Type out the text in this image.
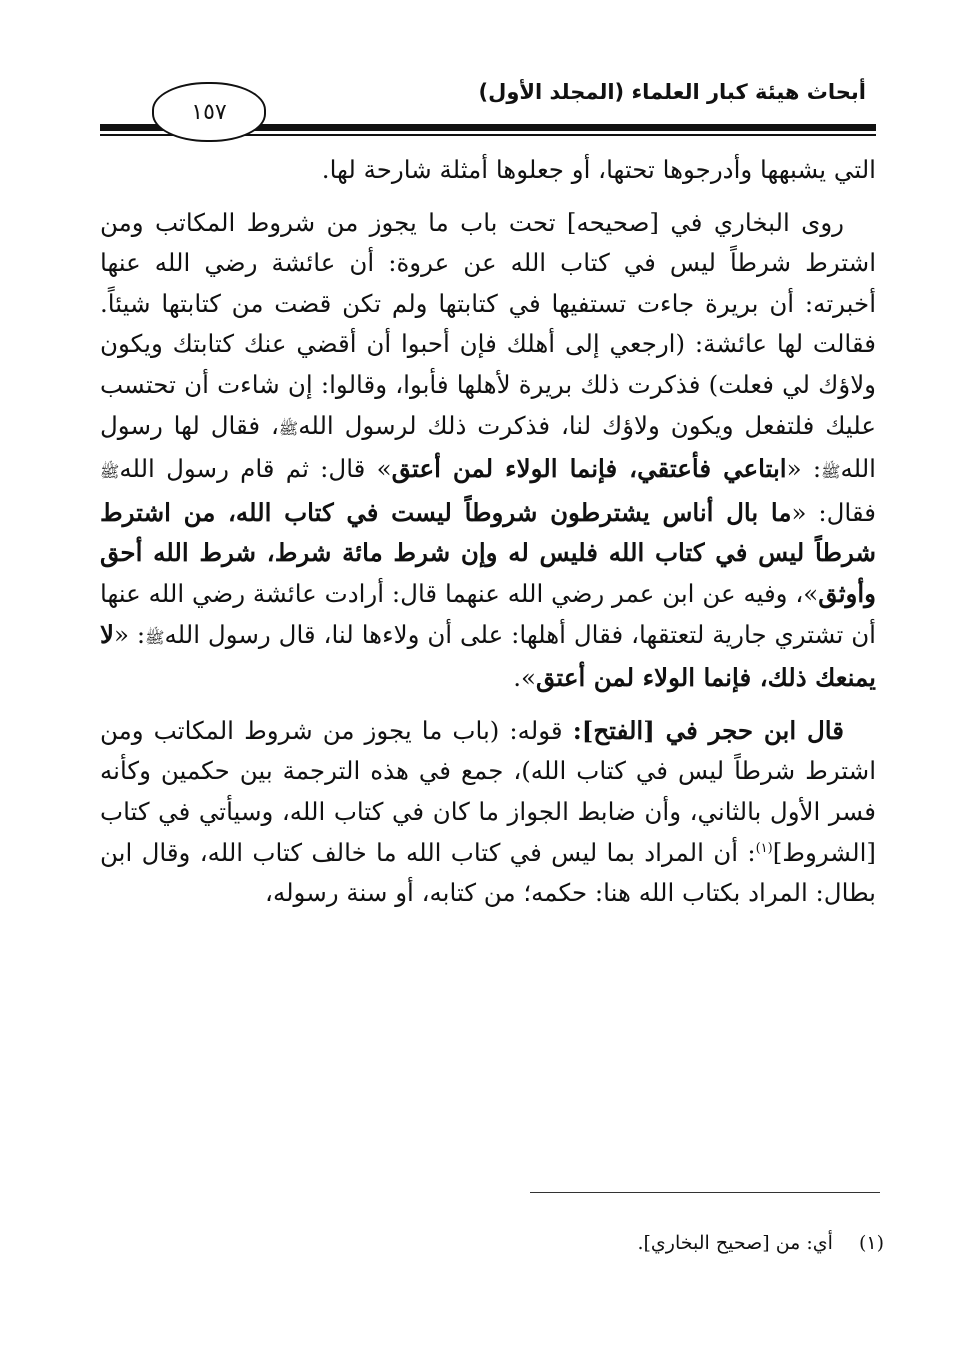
أبحاث هيئة كبار العلماء (المجلد الأول)
١٥٧

التي يشبهها وأدرجوها تحتها، أو جعلوها أمثلة شارحة لها.

روى البخاري في [صحيحه] تحت باب ما يجوز من شروط المكاتب ومن اشترط شرطاً ليس في كتاب الله عن عروة: أن عائشة رضي الله عنها أخبرته: أن بريرة جاءت تستفيها في كتابتها ولم تكن قضت من كتابتها شيئاً. فقالت لها عائشة: (ارجعي إلى أهلك فإن أحبوا أن أقضي عنك كتابتك ويكون ولاؤك لي فعلت) فذكرت ذلك بريرة لأهلها فأبوا، وقالوا: إن شاءت أن تحتسب عليك فلتفعل ويكون ولاؤك لنا، فذكرت ذلك لرسول اللهﷺ، فقال لها رسول اللهﷺ: «ابتاعي فأعتقي، فإنما الولاء لمن أعتق» قال: ثم قام رسول اللهﷺ فقال: «ما بال أناس يشترطون شروطاً ليست في كتاب الله، من اشترط شرطاً ليس في كتاب الله فليس له وإن شرط مائة شرط، شرط الله أحق وأوثق»، وفيه عن ابن عمر رضي الله عنهما قال: أرادت عائشة رضي الله عنها أن تشتري جارية لتعتقها، فقال أهلها: على أن ولاءها لنا، قال رسول اللهﷺ: «لا يمنعك ذلك، فإنما الولاء لمن أعتق».

قال ابن حجر في [الفتح]: قوله: (باب ما يجوز من شروط المكاتب ومن اشترط شرطاً ليس في كتاب الله)، جمع في هذه الترجمة بين حكمين وكأنه فسر الأول بالثاني، وأن ضابط الجواز ما كان في كتاب الله، وسيأتي في كتاب [الشروط]$^{(١)}$: أن المراد بما ليس في كتاب الله ما خالف كتاب الله، وقال ابن بطال: المراد بكتاب الله هنا: حكمه؛ من كتابه، أو سنة رسوله،

(١)أي: من [صحيح البخاري].
